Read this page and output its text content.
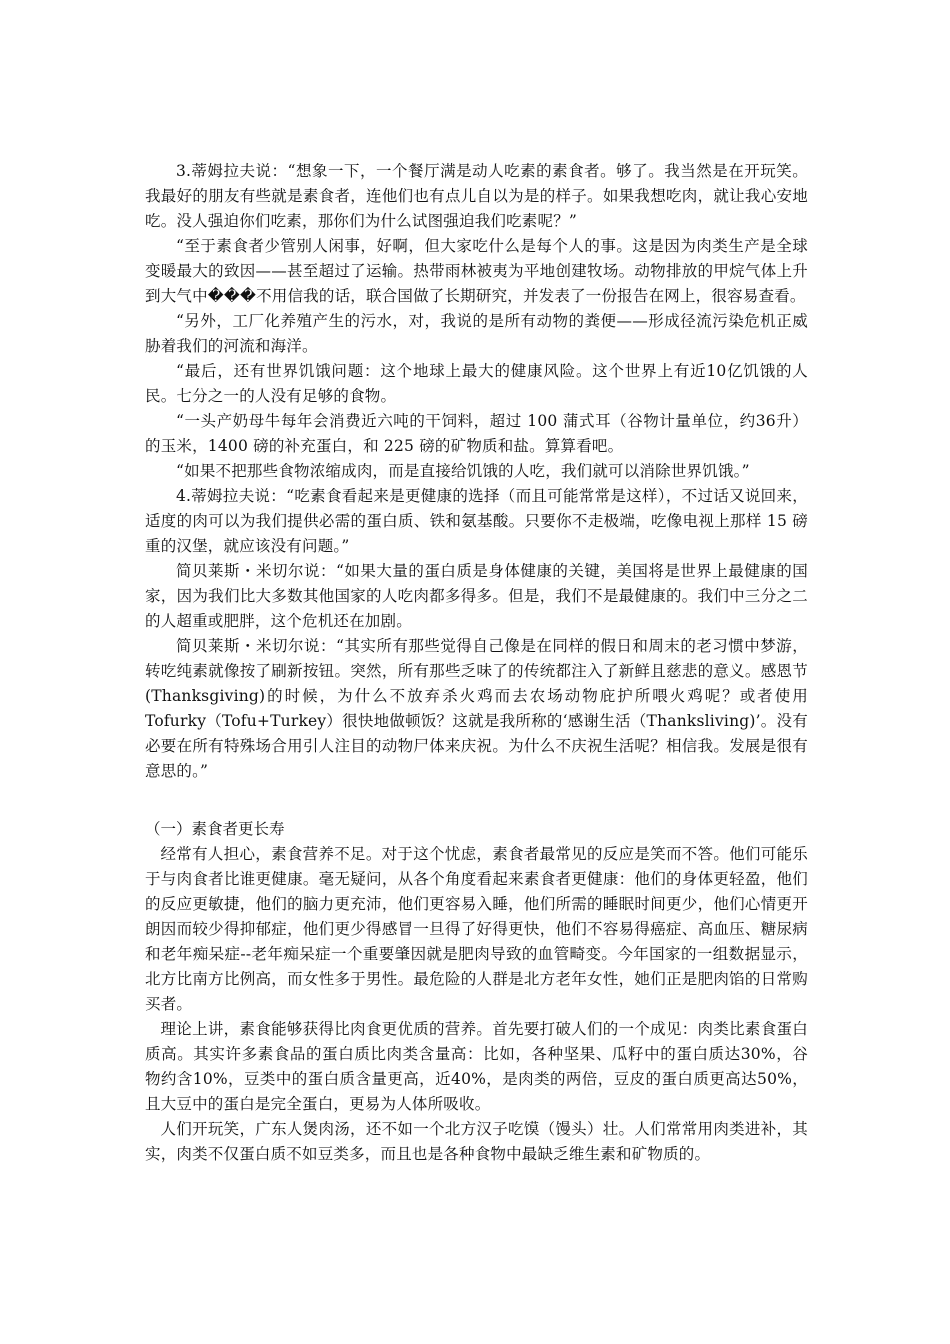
3.蒂姆拉夫说：“想象一下，一个餐厅满是动人吃素的素食者。够了。我当然是在开玩笑。我最好的朋友有些就是素食者，连他们也有点儿自以为是的样子。如果我想吃肉，就让我心安地吃。没人强迫你们吃素，那你们为什么试图强迫我们吃素呢？”

“至于素食者少管别人闲事，好啊，但大家吃什么是每个人的事。这是因为肉类生产是全球变暖最大的致因——甚至超过了运输。热带雨林被夷为平地创建牧场。动物排放的甲烷气体上升到大气中���不用信我的话，联合国做了长期研究，并发表了一份报告在网上，很容易查看。

“另外，工厂化养殖产生的污水，对，我说的是所有动物的粪便——形成径流污染危机正威胁着我们的河流和海洋。

“最后，还有世界饥饿问题：这个地球上最大的健康风险。这个世界上有近10亿饥饿的人民。七分之一的人没有足够的食物。

“一头产奶母牛每年会消费近六吨的干饲料，超过 100 蒲式耳（谷物计量单位，约36升）的玉米，1400 磅的补充蛋白，和 225 磅的矿物质和盐。算算看吧。

“如果不把那些食物浓缩成肉，而是直接给饥饿的人吃，我们就可以消除世界饥饿。”

4.蒂姆拉夫说：“吃素食看起来是更健康的选择（而且可能常常是这样），不过话又说回来，适度的肉可以为我们提供必需的蛋白质、铁和氨基酸。只要你不走极端，吃像电视上那样 15 磅重的汉堡，就应该没有问题。”

简贝莱斯・米切尔说：“如果大量的蛋白质是身体健康的关键，美国将是世界上最健康的国家，因为我们比大多数其他国家的人吃肉都多得多。但是，我们不是最健康的。我们中三分之二的人超重或肥胖，这个危机还在加剧。

简贝莱斯・米切尔说：“其实所有那些觉得自己像是在同样的假日和周末的老习惯中梦游，转吃纯素就像按了刷新按钮。突然，所有那些乏味了的传统都注入了新鲜且慈悲的意义。感恩节(Thanksgiving)的时候，为什么不放弃杀火鸡而去农场动物庇护所喂火鸡呢？或者使用 Tofurky（Tofu+Turkey）很快地做顿饭？这就是我所称的‘感谢生活（Thanksliving)’。没有必要在所有特殊场合用引人注目的动物尸体来庆祝。为什么不庆祝生活呢？相信我。发展是很有意思的。”

（一）素食者更长寿

经常有人担心，素食营养不足。对于这个忧虑，素食者最常见的反应是笑而不答。他们可能乐于与肉食者比谁更健康。毫无疑问，从各个角度看起来素食者更健康：他们的身体更轻盈，他们的反应更敏捷，他们的脑力更充沛，他们更容易入睡，他们所需的睡眠时间更少，他们心情更开朗因而较少得抑郁症，他们更少得感冒一旦得了好得更快，他们不容易得癌症、高血压、糖尿病和老年痴呆症--老年痴呆症一个重要肇因就是肥肉导致的血管畸变。今年国家的一组数据显示，北方比南方比例高，而女性多于男性。最危险的人群是北方老年女性，她们正是肥肉馅的日常购买者。

理论上讲，素食能够获得比肉食更优质的营养。首先要打破人们的一个成见：肉类比素食蛋白质高。其实许多素食品的蛋白质比肉类含量高：比如，各种坚果、瓜籽中的蛋白质达30%，谷物约含10%，豆类中的蛋白质含量更高，近40%，是肉类的两倍，豆皮的蛋白质更高达50%，且大豆中的蛋白是完全蛋白，更易为人体所吸收。

人们开玩笑，广东人煲肉汤，还不如一个北方汉子吃馍（馒头）壮。人们常常用肉类进补，其实，肉类不仅蛋白质不如豆类多，而且也是各种食物中最缺乏维生素和矿物质的。
